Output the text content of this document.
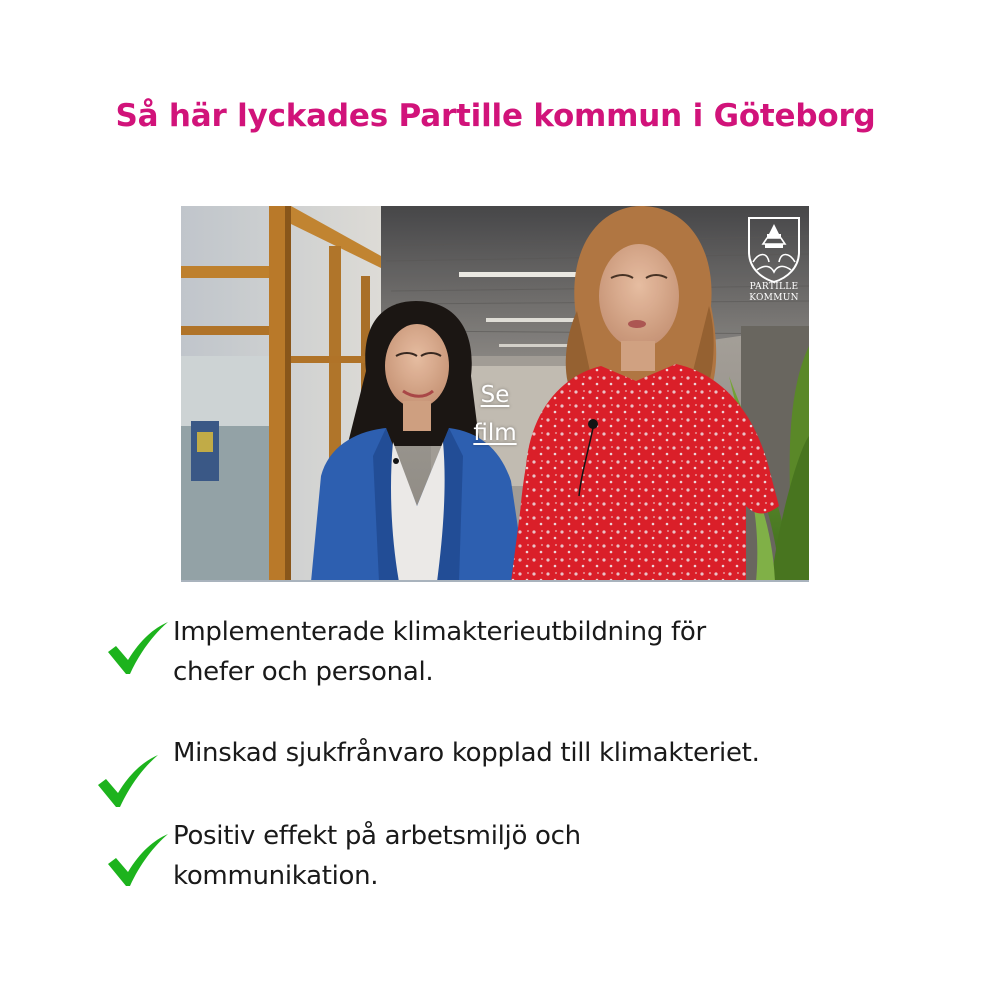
Så här lyckades Partille kommun i Göteborg
PARTILLE
KOMMUN
Se
film
Implementerade klimakterieutbildning för
chefer och personal.
Minskad sjukfrånvaro kopplad till klimakteriet.
Positiv effekt på arbetsmiljö och
kommunikation.
